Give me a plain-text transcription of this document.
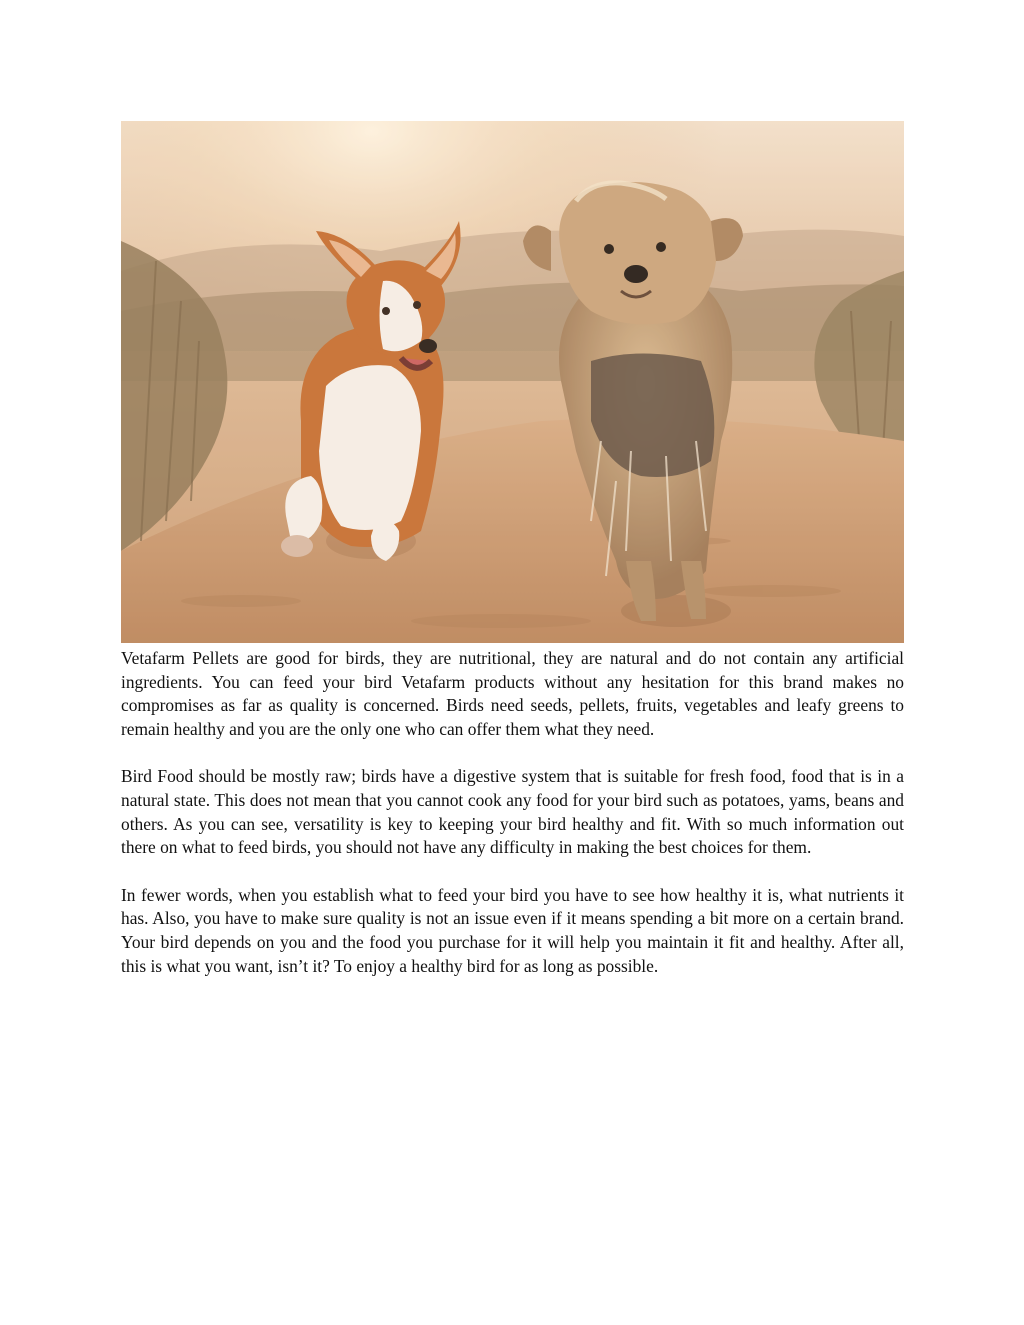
Vetafarm Pellets are good for birds, they are nutritional, they are natural and do not contain any artificial ingredients. You can feed your bird Vetafarm products without any hesitation for this brand makes no compromises as far as quality is concerned. Birds need seeds, pellets, fruits, vegetables and leafy greens to remain healthy and you are the only one who can offer them what they need.

Bird Food should be mostly raw; birds have a digestive system that is suitable for fresh food, food that is in a natural state. This does not mean that you cannot cook any food for your bird such as potatoes, yams, beans and others. As you can see, versatility is key to keeping your bird healthy and fit. With so much information out there on what to feed birds, you should not have any difficulty in making the best choices for them.

In fewer words, when you establish what to feed your bird you have to see how healthy it is, what nutrients it has. Also, you have to make sure quality is not an issue even if it means spending a bit more on a certain brand. Your bird depends on you and the food you purchase for it will help you maintain it fit and healthy. After all, this is what you want, isn’t it? To enjoy a healthy bird for as long as possible.
